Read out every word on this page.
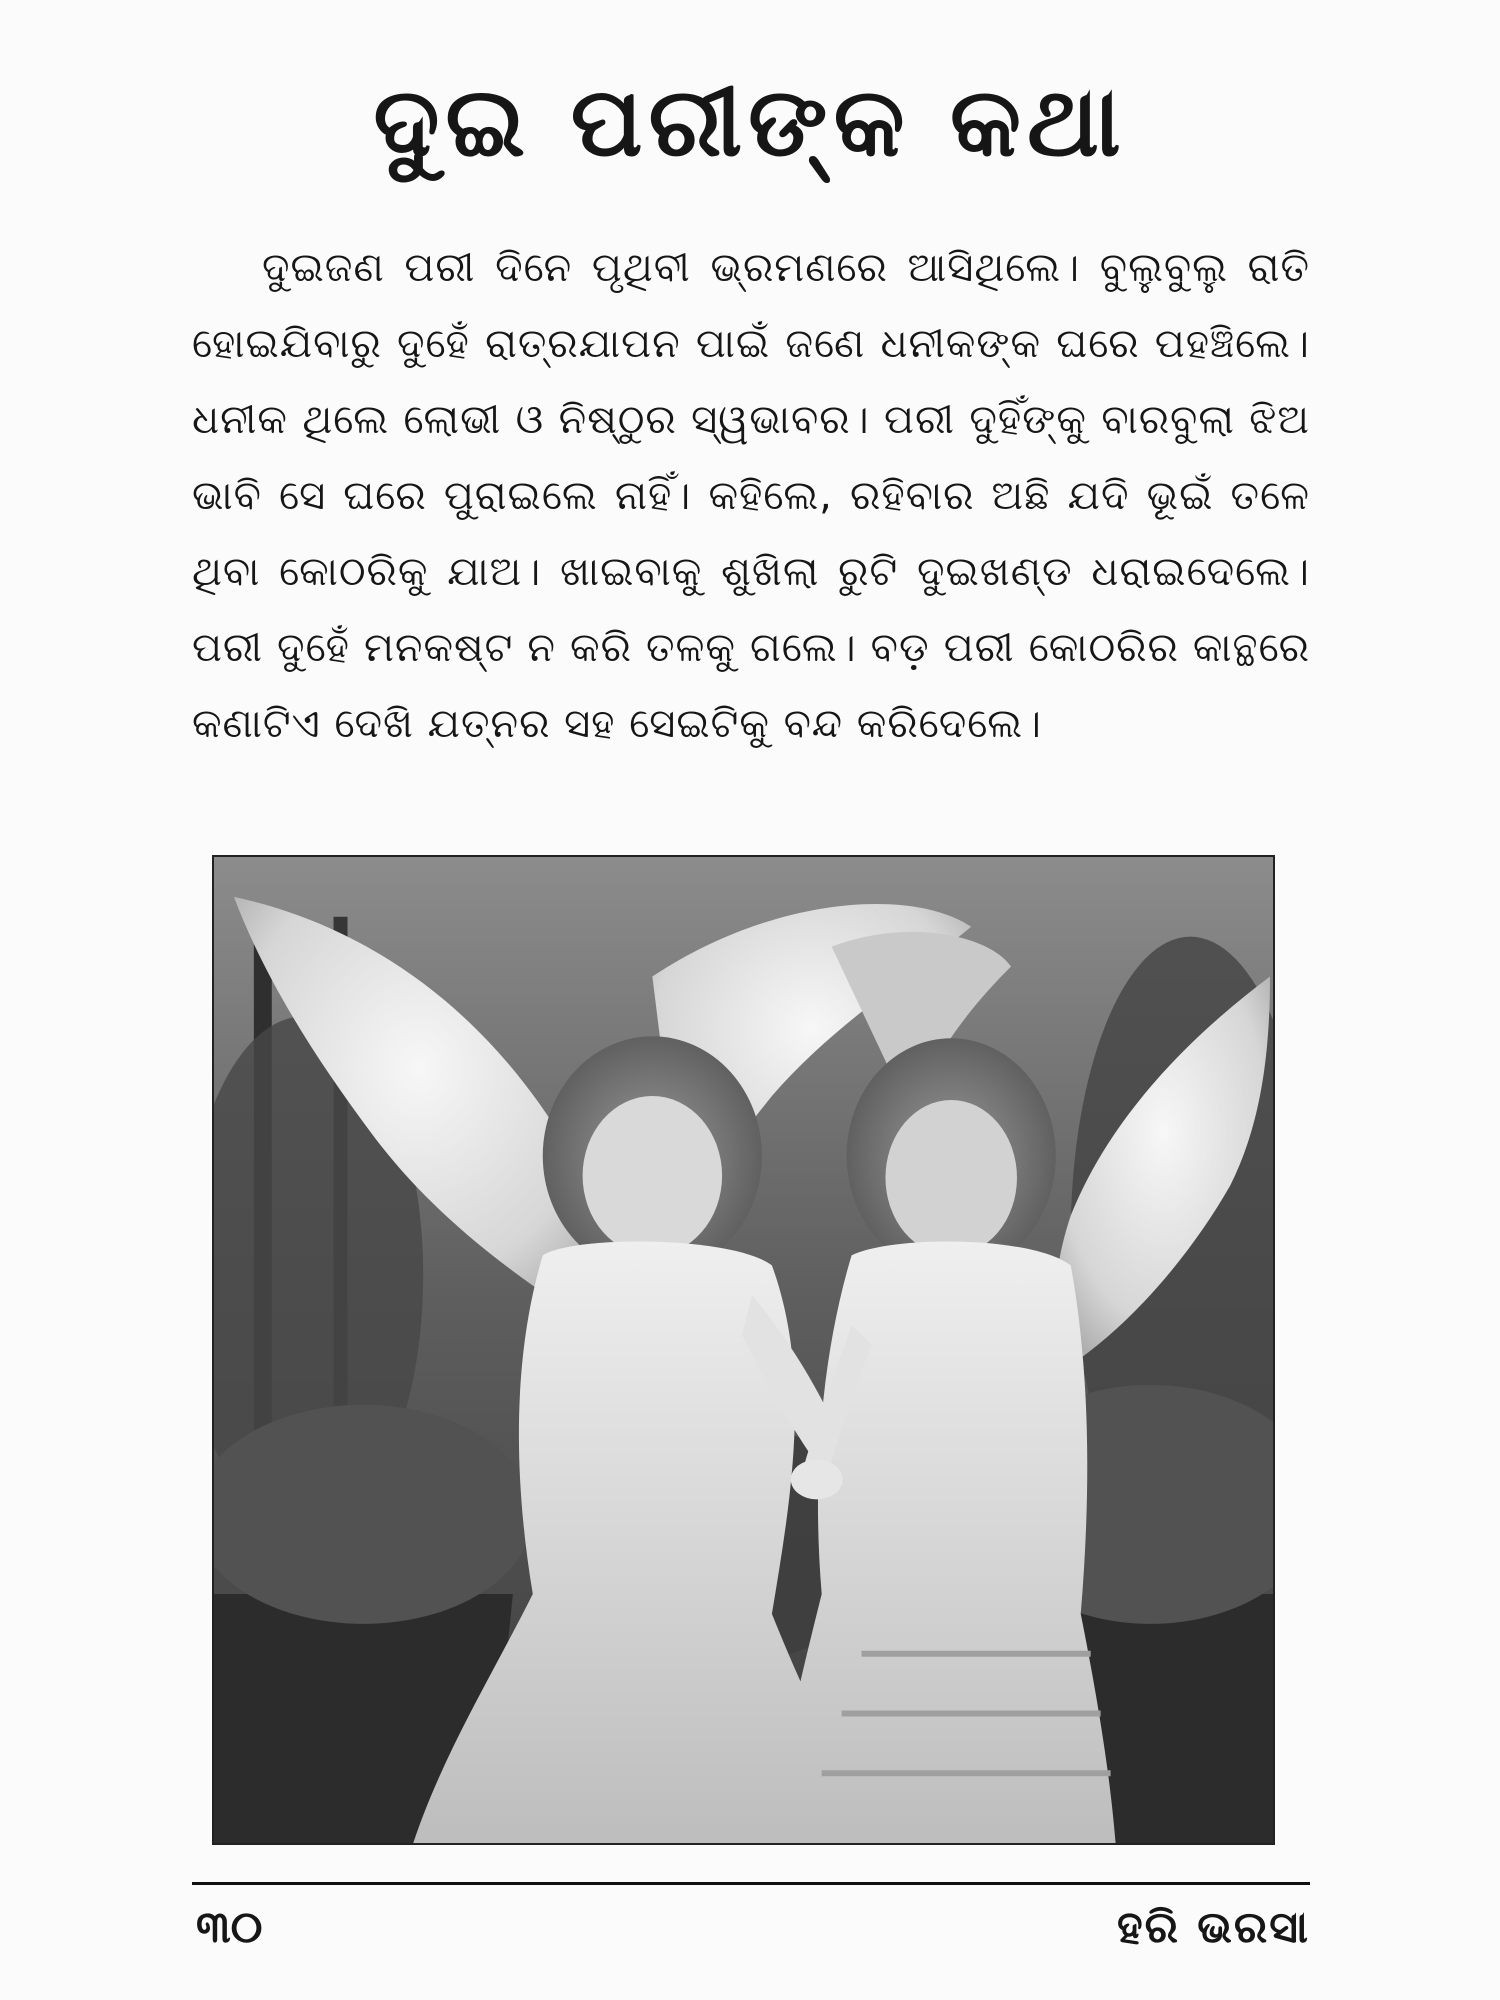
ଦୁଇ ପରୀଙ୍କ କଥା

ଦୁଇଜଣ ପରୀ ଦିନେ ପୃଥିବୀ ଭ୍ରମଣରେ ଆସିଥିଲେ। ବୁଲୁବୁଲୁ ରାତି ହୋଇଯିବାରୁ ଦୁହେଁ ରାତ୍ରଯାପନ ପାଇଁ ଜଣେ ଧନୀକଙ୍କ ଘରେ ପହଞ୍ଚିଲେ। ଧନୀକ ଥିଲେ ଲୋଭୀ ଓ ନିଷ୍ଠୁର ସ୍ୱଭାବର। ପରୀ ଦୁହିଁଙ୍କୁ ବାରବୁଲା ଝିଅ ଭାବି ସେ ଘରେ ପୁରାଇଲେ ନାହିଁ। କହିଲେ, ରହିବାର ଅଛି ଯଦି ଭୂଇଁ ତଳେ ଥିବା କୋଠରିକୁ ଯାଅ। ଖାଇବାକୁ ଶୁଖିଲା ରୁଟି ଦୁଇଖଣ୍ଡ ଧରାଇଦେଲେ। ପରୀ ଦୁହେଁ ମନକଷ୍ଟ ନ କରି ତଳକୁ ଗଲେ। ବଡ଼ ପରୀ କୋଠରିର କାନ୍ଥରେ କଣାଟିଏ ଦେଖି ଯତ୍ନର ସହ ସେଇଟିକୁ ବନ୍ଦ କରିଦେଲେ।

୩୦	ହରି ଭରସା
